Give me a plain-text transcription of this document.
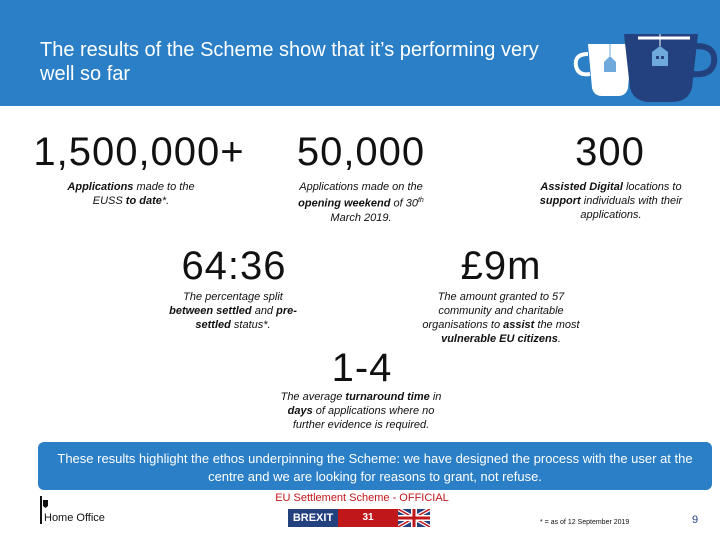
The results of the Scheme show that it’s performing very well so far
1,500,000+
Applications made to the EUSS to date*.
50,000
Applications made on the opening weekend of 30th March 2019.
300
Assisted Digital locations to support individuals with their applications.
64:36
The percentage split between settled and pre-settled status*.
£9m
The amount granted to 57 community and charitable organisations to assist the most vulnerable EU citizens.
1-4
The average turnaround time in days of applications where no further evidence is required.
These results highlight the ethos underpinning the Scheme: we have designed the process with the user at the centre and we are looking for reasons to grant, not refuse.
EU Settlement Scheme - OFFICIAL
BREXIT	31 OCTOBER
Home Office	* = as of 12 September 2019	9
